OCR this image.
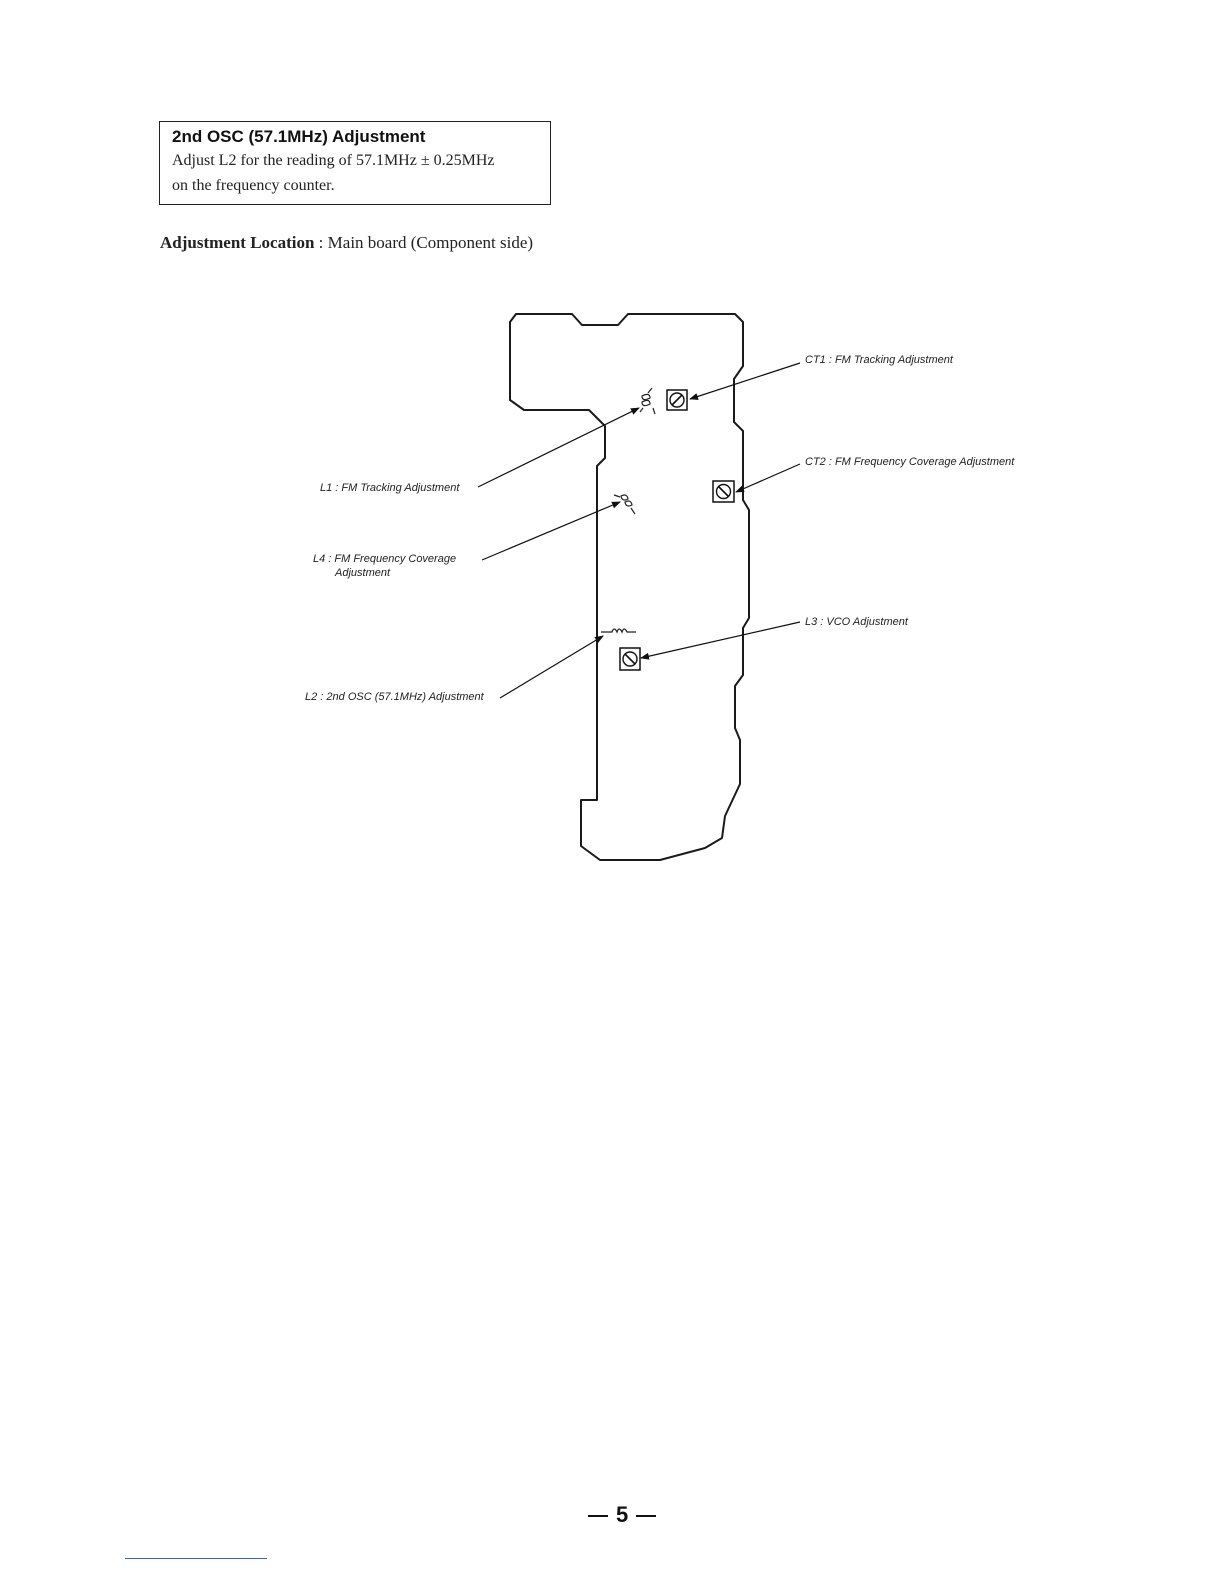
2nd OSC (57.1MHz) Adjustment
Adjust L2 for the reading of 57.1MHz ± 0.25MHz
on the frequency counter.
Adjustment Location : Main board (Component side)
CT1 : FM Tracking Adjustment
CT2 : FM Frequency Coverage Adjustment
L1 : FM Tracking Adjustment
L4 : FM Frequency Coverage
Adjustment
L3 : VCO Adjustment
L2 : 2nd OSC (57.1MHz) Adjustment
5
